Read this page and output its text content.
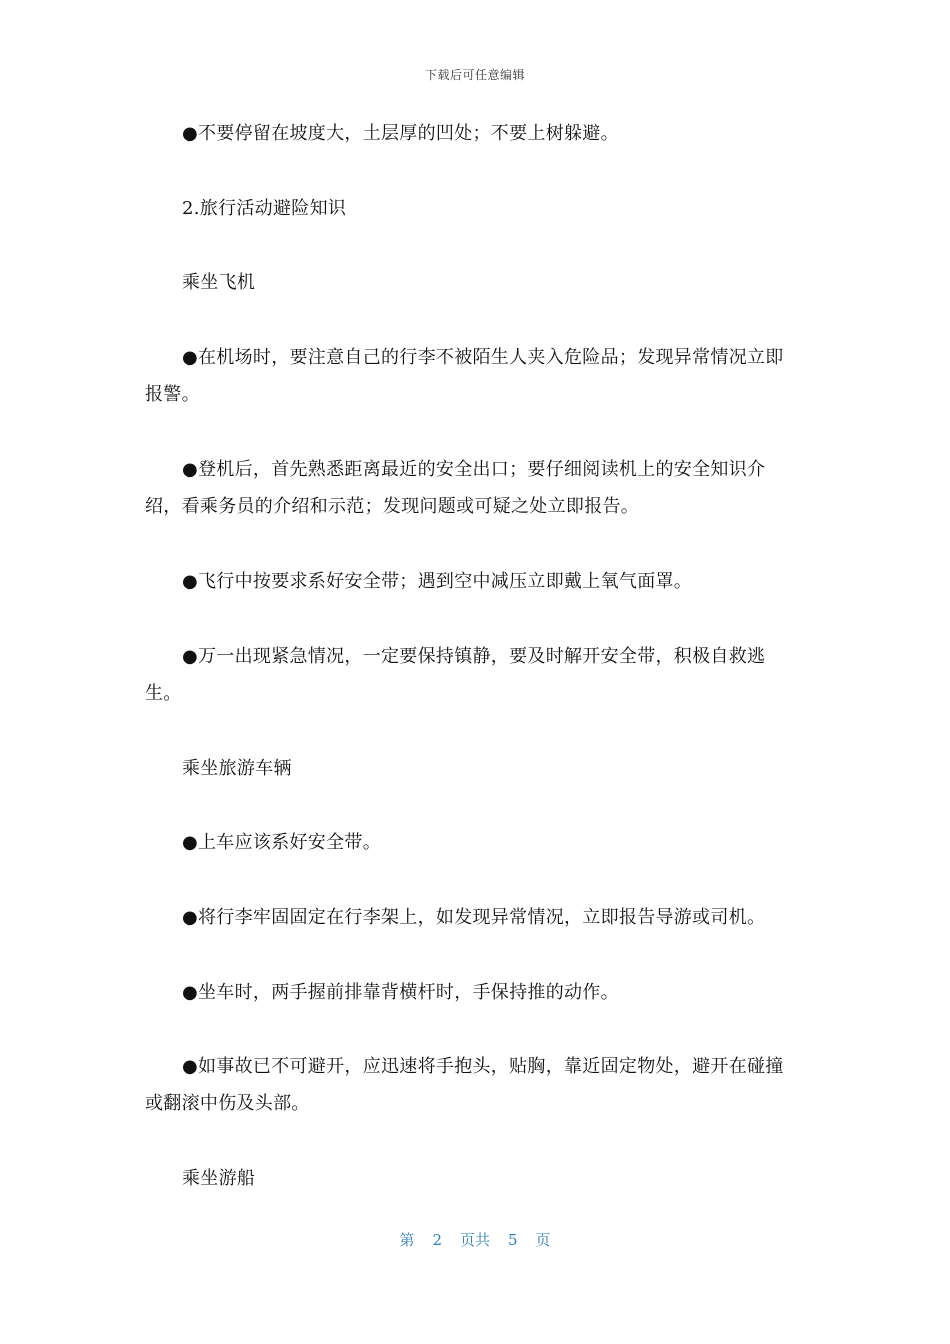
下载后可任意编辑

●不要停留在坡度大，土层厚的凹处；不要上树躲避。

2.旅行活动避险知识

乘坐飞机

●在机场时，要注意自己的行李不被陌生人夹入危险品；发现异常情况立即报警。

●登机后，首先熟悉距离最近的安全出口；要仔细阅读机上的安全知识介绍，看乘务员的介绍和示范；发现问题或可疑之处立即报告。

●飞行中按要求系好安全带；遇到空中减压立即戴上氧气面罩。

●万一出现紧急情况，一定要保持镇静，要及时解开安全带，积极自救逃生。

乘坐旅游车辆

●上车应该系好安全带。

●将行李牢固固定在行李架上，如发现异常情况，立即报告导游或司机。

●坐车时，两手握前排靠背横杆时，手保持推的动作。

●如事故已不可避开，应迅速将手抱头，贴胸，靠近固定物处，避开在碰撞或翻滚中伤及头部。

乘坐游船

第 2 页共 5 页
